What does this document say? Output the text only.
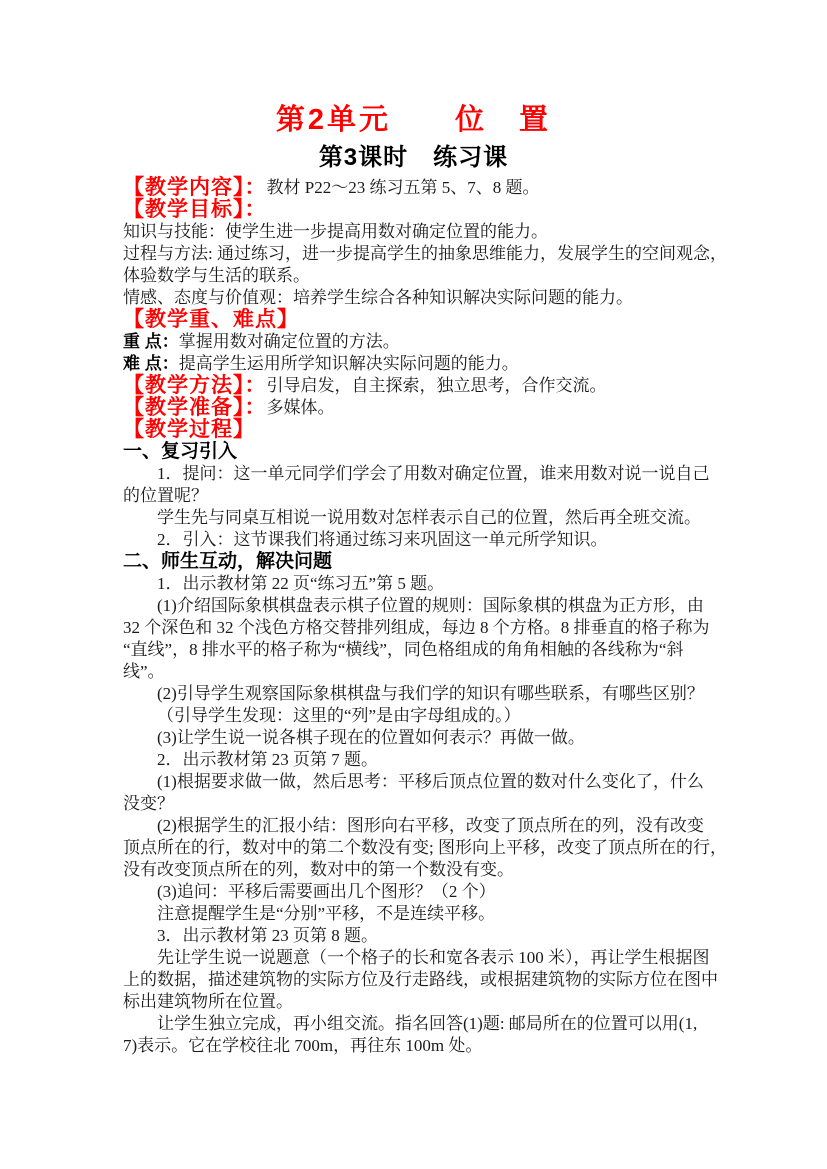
第2单元　　位　置
第3课时　练习课
【教学内容】：教材 P22～23 练习五第 5、7、8 题。
【教学目标】：
知识与技能：使学生进一步提高用数对确定位置的能力。
过程与方法: 通过练习，进一步提高学生的抽象思维能力，发展学生的空间观念，
体验数学与生活的联系。
情感、态度与价值观：培养学生综合各种知识解决实际问题的能力。
【教学重、难点】
重 点：掌握用数对确定位置的方法。
难 点：提高学生运用所学知识解决实际问题的能力。
【教学方法】：引导启发，自主探索，独立思考，合作交流。
【教学准备】：多媒体。
【教学过程】
一、复习引入
1．提问：这一单元同学们学会了用数对确定位置，谁来用数对说一说自己
的位置呢？
学生先与同桌互相说一说用数对怎样表示自己的位置，然后再全班交流。
2．引入：这节课我们将通过练习来巩固这一单元所学知识。
二、师生互动，解决问题
1．出示教材第 22 页“练习五”第 5 题。
(1)介绍国际象棋棋盘表示棋子位置的规则：国际象棋的棋盘为正方形，由
32 个深色和 32 个浅色方格交替排列组成，每边 8 个方格。8 排垂直的格子称为
“直线”，8 排水平的格子称为“横线”，同色格组成的角角相触的各线称为“斜
线”。
(2)引导学生观察国际象棋棋盘与我们学的知识有哪些联系，有哪些区别？
（引导学生发现：这里的“列”是由字母组成的。）
(3)让学生说一说各棋子现在的位置如何表示？再做一做。
2．出示教材第 23 页第 7 题。
(1)根据要求做一做，然后思考：平移后顶点位置的数对什么变化了，什么
没变？
(2)根据学生的汇报小结：图形向右平移，改变了顶点所在的列，没有改变
顶点所在的行，数对中的第二个数没有变; 图形向上平移，改变了顶点所在的行，
没有改变顶点所在的列，数对中的第一个数没有变。
(3)追问：平移后需要画出几个图形？（2 个）
注意提醒学生是“分别”平移，不是连续平移。
3．出示教材第 23 页第 8 题。
先让学生说一说题意（一个格子的长和宽各表示 100 米），再让学生根据图
上的数据，描述建筑物的实际方位及行走路线，或根据建筑物的实际方位在图中
标出建筑物所在位置。
让学生独立完成，再小组交流。指名回答(1)题: 邮局所在的位置可以用(1,
7)表示。它在学校往北 700m，再往东 100m 处。
